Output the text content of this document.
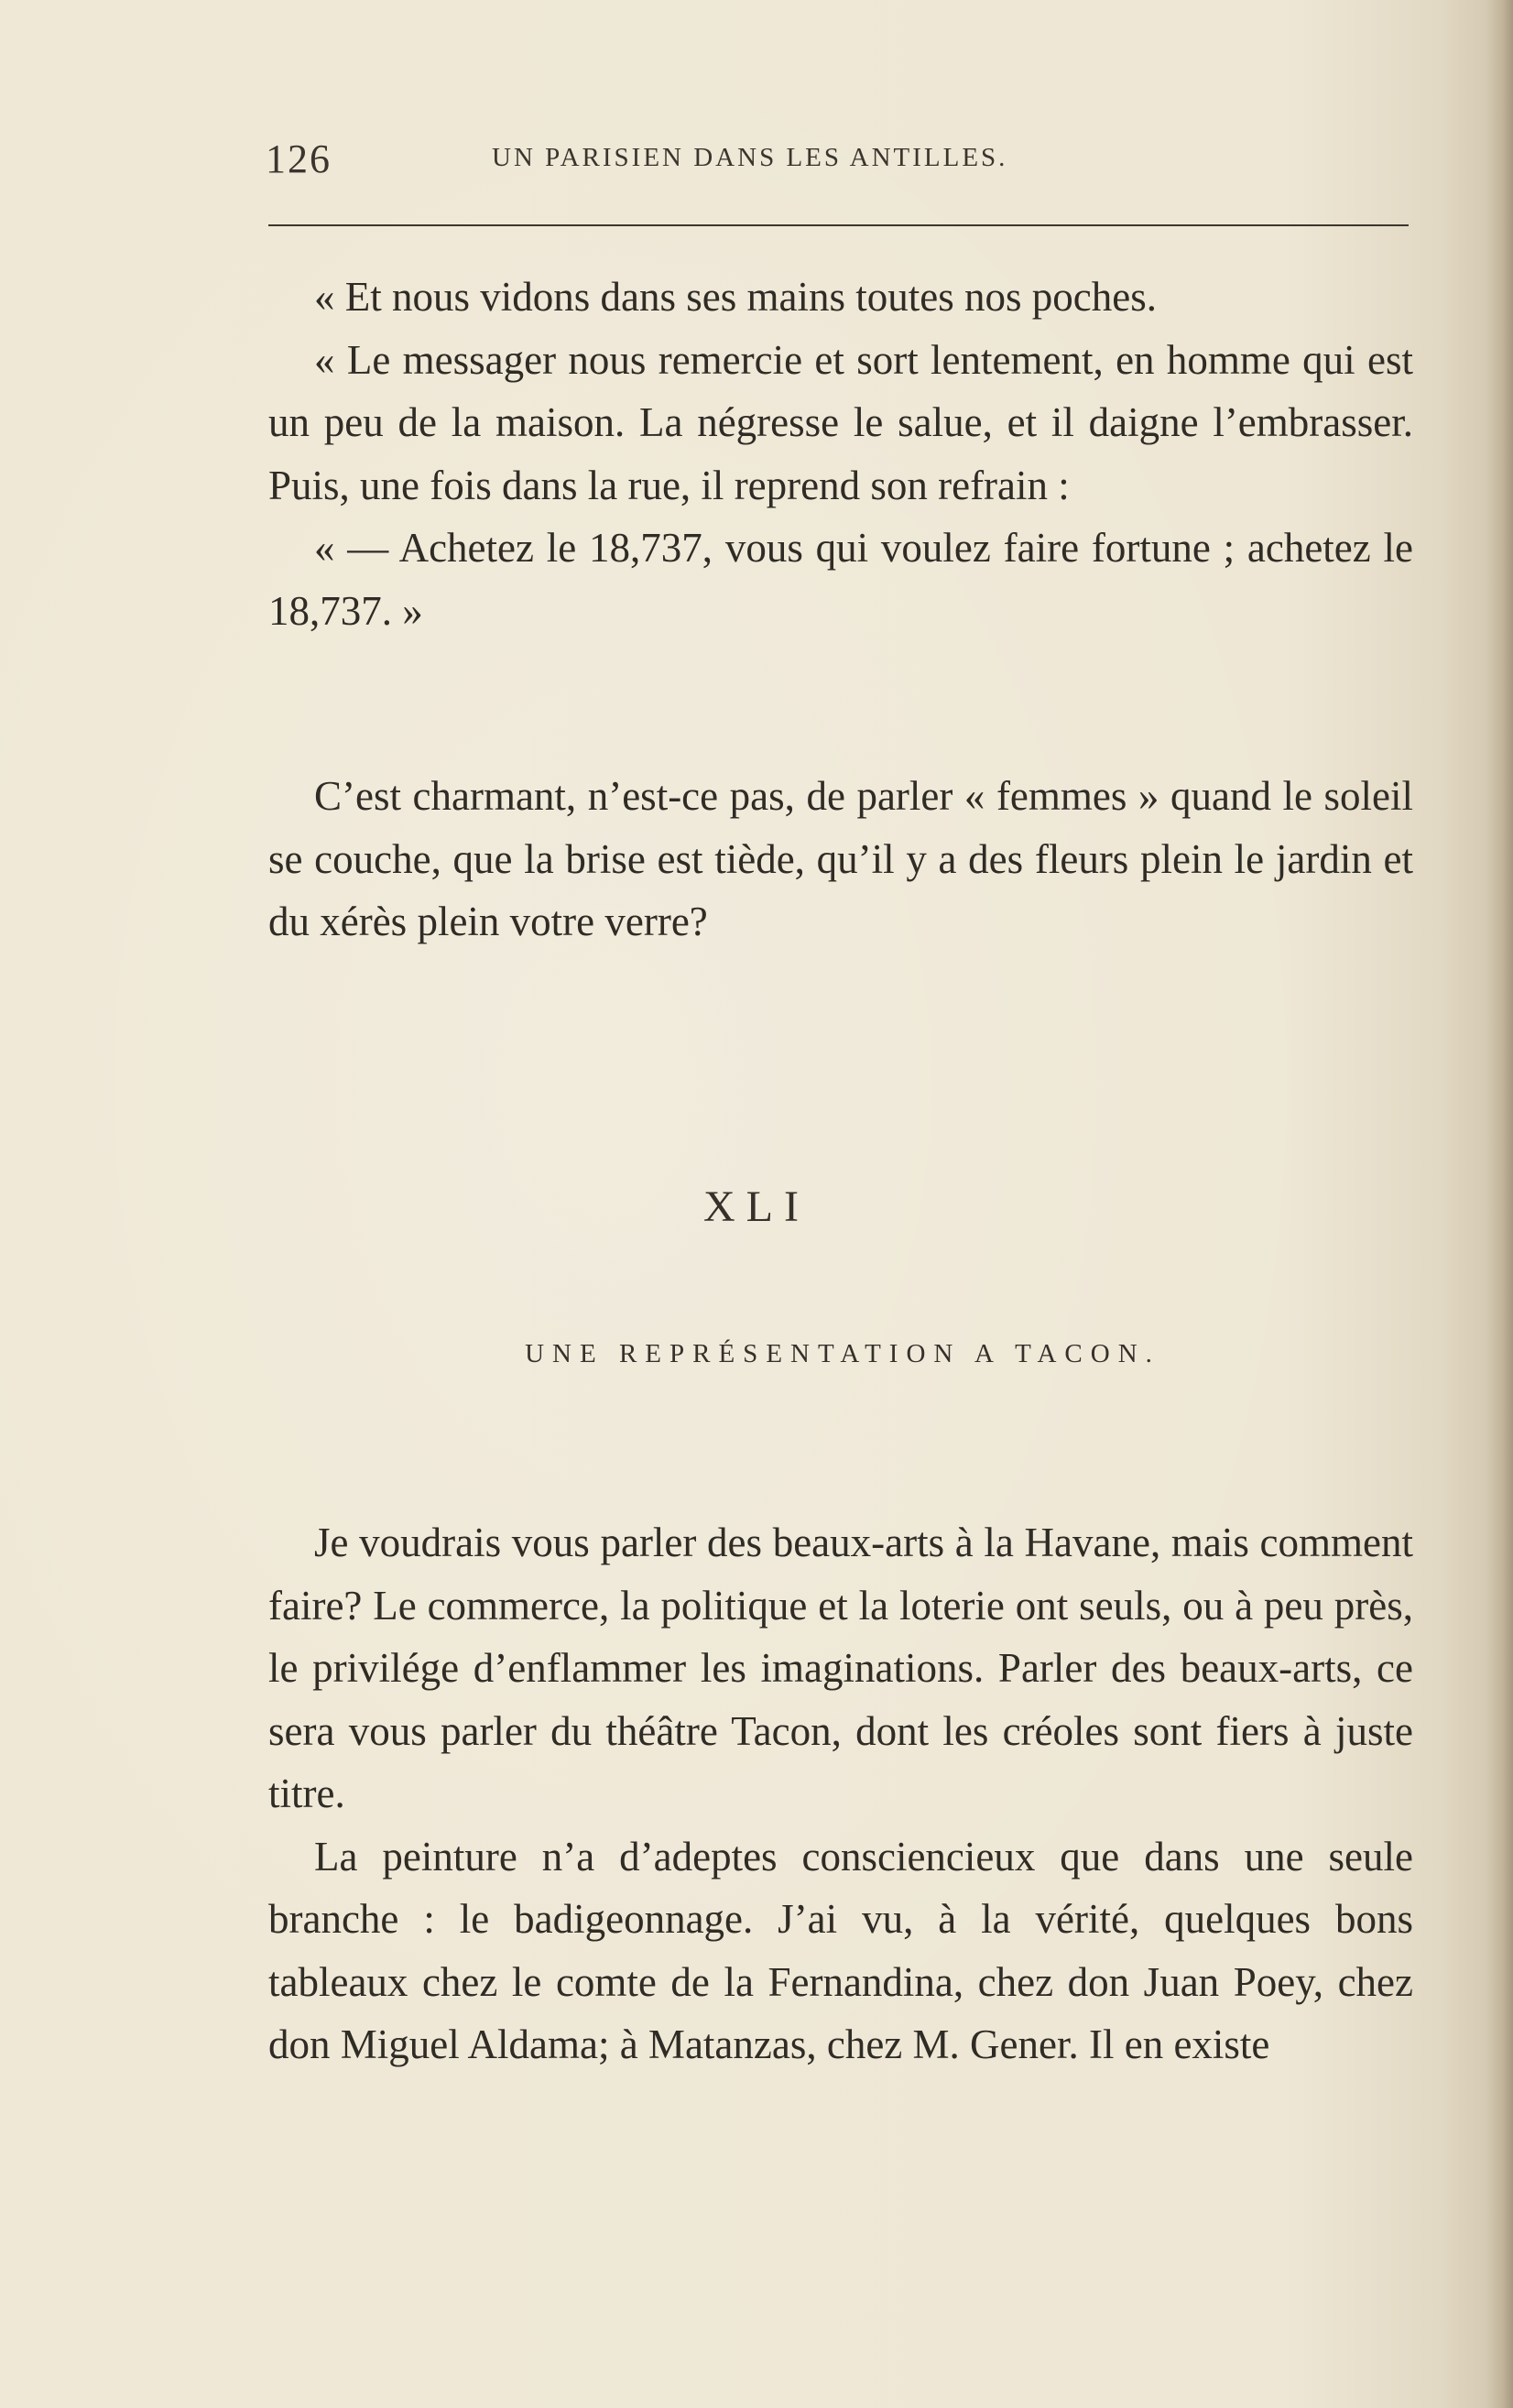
126	UN PARISIEN DANS LES ANTILLES.

« Et nous vidons dans ses mains toutes nos poches.

« Le messager nous remercie et sort lentement, en homme qui est un peu de la maison. La négresse le salue, et il daigne l’embrasser. Puis, une fois dans la rue, il reprend son refrain :

« — Achetez le 18,737, vous qui voulez faire fortune ; achetez le 18,737. »

C’est charmant, n’est-ce pas, de parler « femmes » quand le soleil se couche, que la brise est tiède, qu’il y a des fleurs plein le jardin et du xérès plein votre verre?

XLI
UNE REPRÉSENTATION A TACON.

Je voudrais vous parler des beaux-arts à la Havane, mais comment faire? Le commerce, la politique et la loterie ont seuls, ou à peu près, le privilége d’enflammer les imaginations. Parler des beaux-arts, ce sera vous parler du théâtre Tacon, dont les créoles sont fiers à juste titre.

La peinture n’a d’adeptes consciencieux que dans une seule branche : le badigeonnage. J’ai vu, à la vérité, quelques bons tableaux chez le comte de la Fernandina, chez don Juan Poey, chez don Miguel Aldama; à Matanzas, chez M. Gener. Il en existe
